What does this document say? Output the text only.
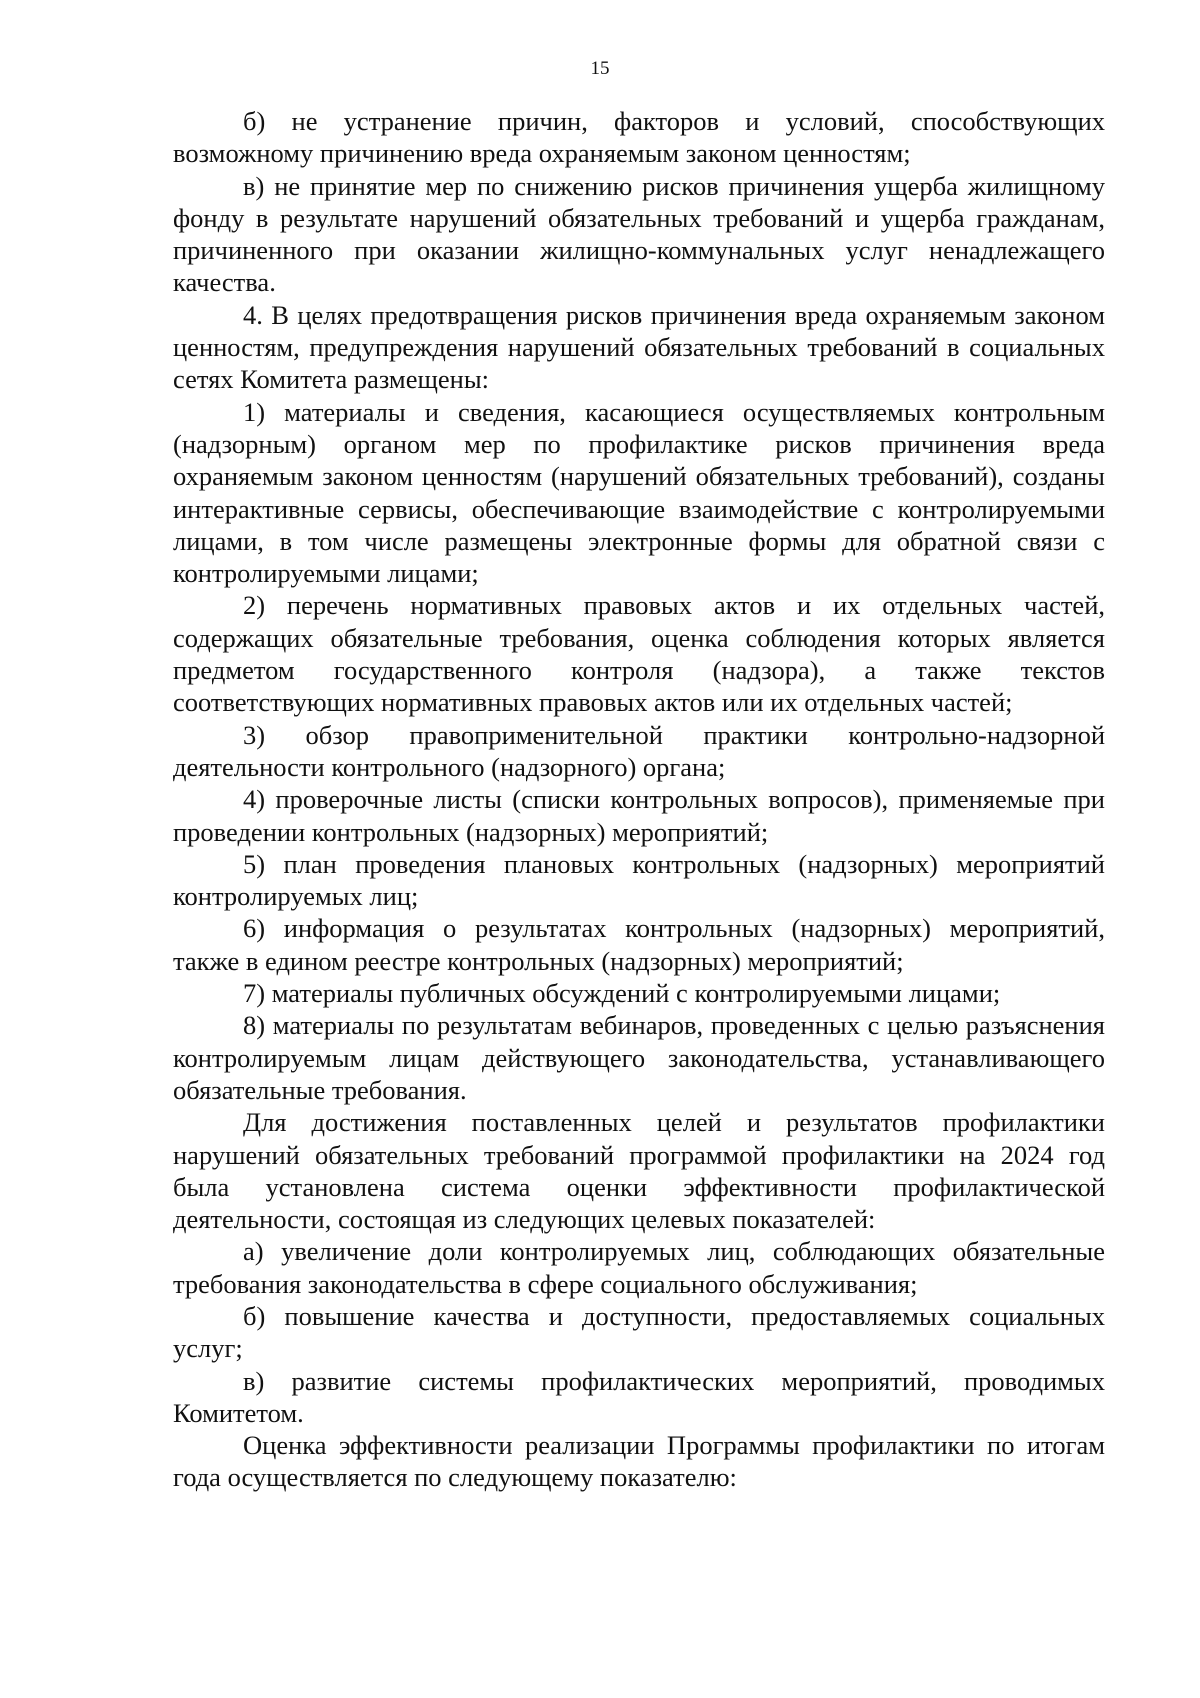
15

б) не устранение причин, факторов и условий, способствующих возможному причинению вреда охраняемым законом ценностям;

в) не принятие мер по снижению рисков причинения ущерба жилищному фонду в результате нарушений обязательных требований и ущерба гражданам, причиненного при оказании жилищно-коммунальных услуг ненадлежащего качества.

4. В целях предотвращения рисков причинения вреда охраняемым законом ценностям, предупреждения нарушений обязательных требований в социальных сетях Комитета размещены:

1) материалы и сведения, касающиеся осуществляемых контрольным (надзорным) органом мер по профилактике рисков причинения вреда охраняемым законом ценностям (нарушений обязательных требований), созданы интерактивные сервисы, обеспечивающие взаимодействие с контролируемыми лицами, в том числе размещены электронные формы для обратной связи с контролируемыми лицами;

2) перечень нормативных правовых актов и их отдельных частей, содержащих обязательные требования, оценка соблюдения которых является предметом государственного контроля (надзора), а также текстов соответствующих нормативных правовых актов или их отдельных частей;

3) обзор правоприменительной практики контрольно-надзорной деятельности контрольного (надзорного) органа;

4) проверочные листы (списки контрольных вопросов), применяемые при проведении контрольных (надзорных) мероприятий;

5) план проведения плановых контрольных (надзорных) мероприятий контролируемых лиц;

6) информация о результатах контрольных (надзорных) мероприятий, также в едином реестре контрольных (надзорных) мероприятий;

7) материалы публичных обсуждений с контролируемыми лицами;

8) материалы по результатам вебинаров, проведенных с целью разъяснения контролируемым лицам действующего законодательства, устанавливающего обязательные требования.

Для достижения поставленных целей и результатов профилактики нарушений обязательных требований программой профилактики на 2024 год была установлена система оценки эффективности профилактической деятельности, состоящая из следующих целевых показателей:

а) увеличение доли контролируемых лиц, соблюдающих обязательные требования законодательства в сфере социального обслуживания;

б) повышение качества и доступности, предоставляемых социальных услуг;

в) развитие системы профилактических мероприятий, проводимых Комитетом.

Оценка эффективности реализации Программы профилактики по итогам года осуществляется по следующему показателю:
